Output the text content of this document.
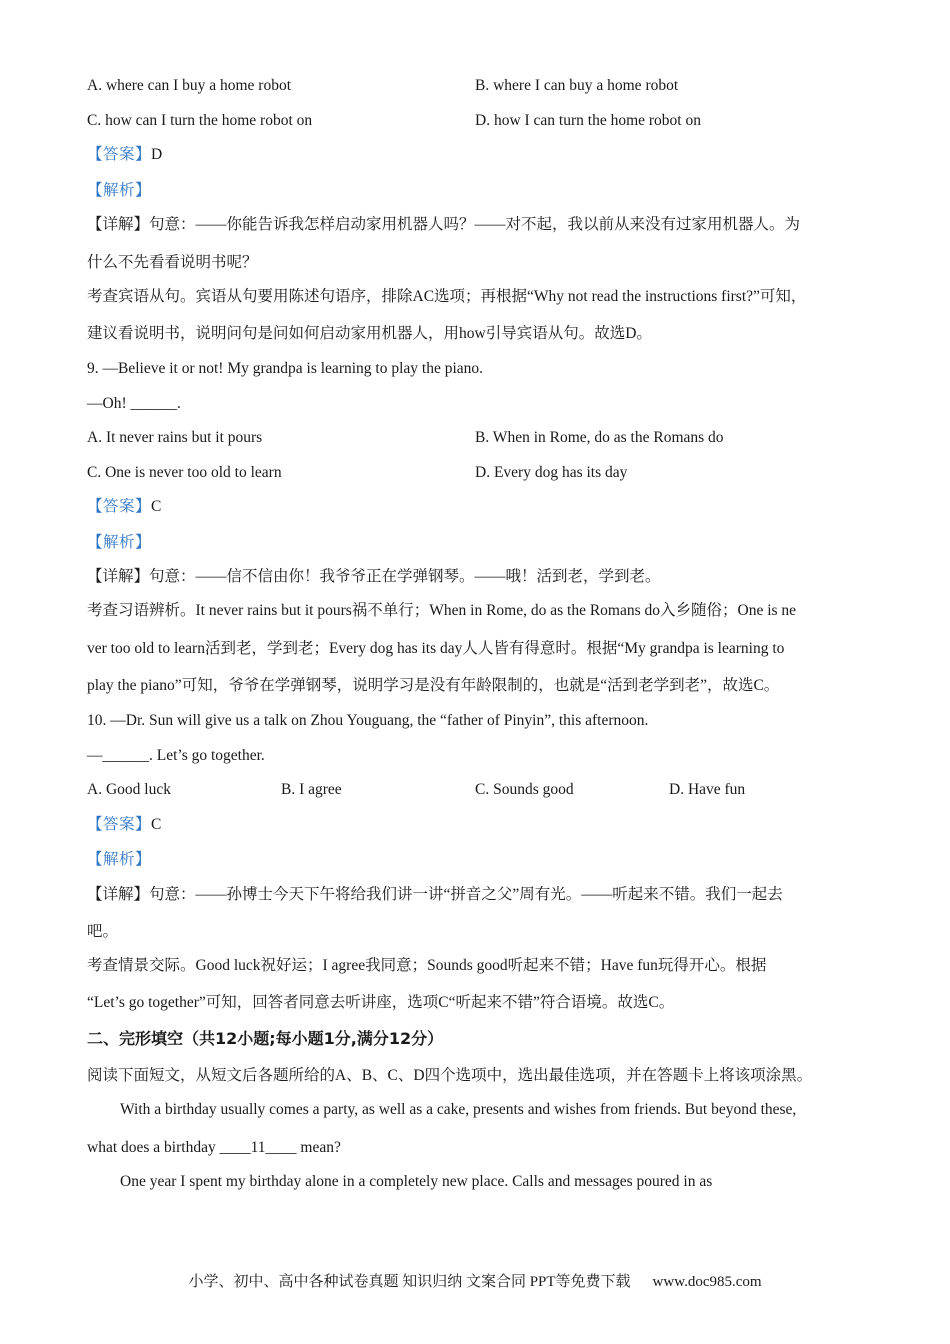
A. where can I buy a home robot	B. where I can buy a home robot
C. how can I turn the home robot on	D. how I can turn the home robot on
【答案】D
【解析】
【详解】句意：——你能告诉我怎样启动家用机器人吗？——对不起，我以前从来没有过家用机器人。为
什么不先看看说明书呢？
考查宾语从句。宾语从句要用陈述句语序，排除AC选项；再根据“Why not read the instructions first?”可知，
建议看说明书，说明问句是问如何启动家用机器人，用how引导宾语从句。故选D。
9. —Believe it or not! My grandpa is learning to play the piano.
—Oh! ______.
A. It never rains but it pours	B. When in Rome, do as the Romans do
C. One is never too old to learn	D. Every dog has its day
【答案】C
【解析】
【详解】句意：——信不信由你！我爷爷正在学弹钢琴。——哦！活到老，学到老。
考查习语辨析。It never rains but it pours祸不单行；When in Rome, do as the Romans do入乡随俗；One is ne
ver too old to learn活到老，学到老；Every dog has its day人人皆有得意时。根据“My grandpa is learning to
play the piano”可知，爷爷在学弹钢琴，说明学习是没有年龄限制的，也就是“活到老学到老”，故选C。
10. —Dr. Sun will give us a talk on Zhou Youguang, the “father of Pinyin”, this afternoon.
—______. Let’s go together.
A. Good luck	B. I agree	C. Sounds good	D. Have fun
【答案】C
【解析】
【详解】句意：——孙博士今天下午将给我们讲一讲“拼音之父”周有光。——听起来不错。我们一起去
吧。
考查情景交际。Good luck祝好运；I agree我同意；Sounds good听起来不错；Have fun玩得开心。根据
“Let’s go together”可知，回答者同意去听讲座，选项C“听起来不错”符合语境。故选C。
二、完形填空（共12小题;每小题1分,满分12分）
阅读下面短文，从短文后各题所给的A、B、C、D四个选项中，选出最佳选项，并在答题卡上将该项涂黑。
With a birthday usually comes a party, as well as a cake, presents and wishes from friends. But beyond these,
what does a birthday ____11____ mean?
One year I spent my birthday alone in a completely new place. Calls and messages poured in as
小学、初中、高中各种试卷真题 知识归纳 文案合同 PPT等免费下载 www.doc985.com
